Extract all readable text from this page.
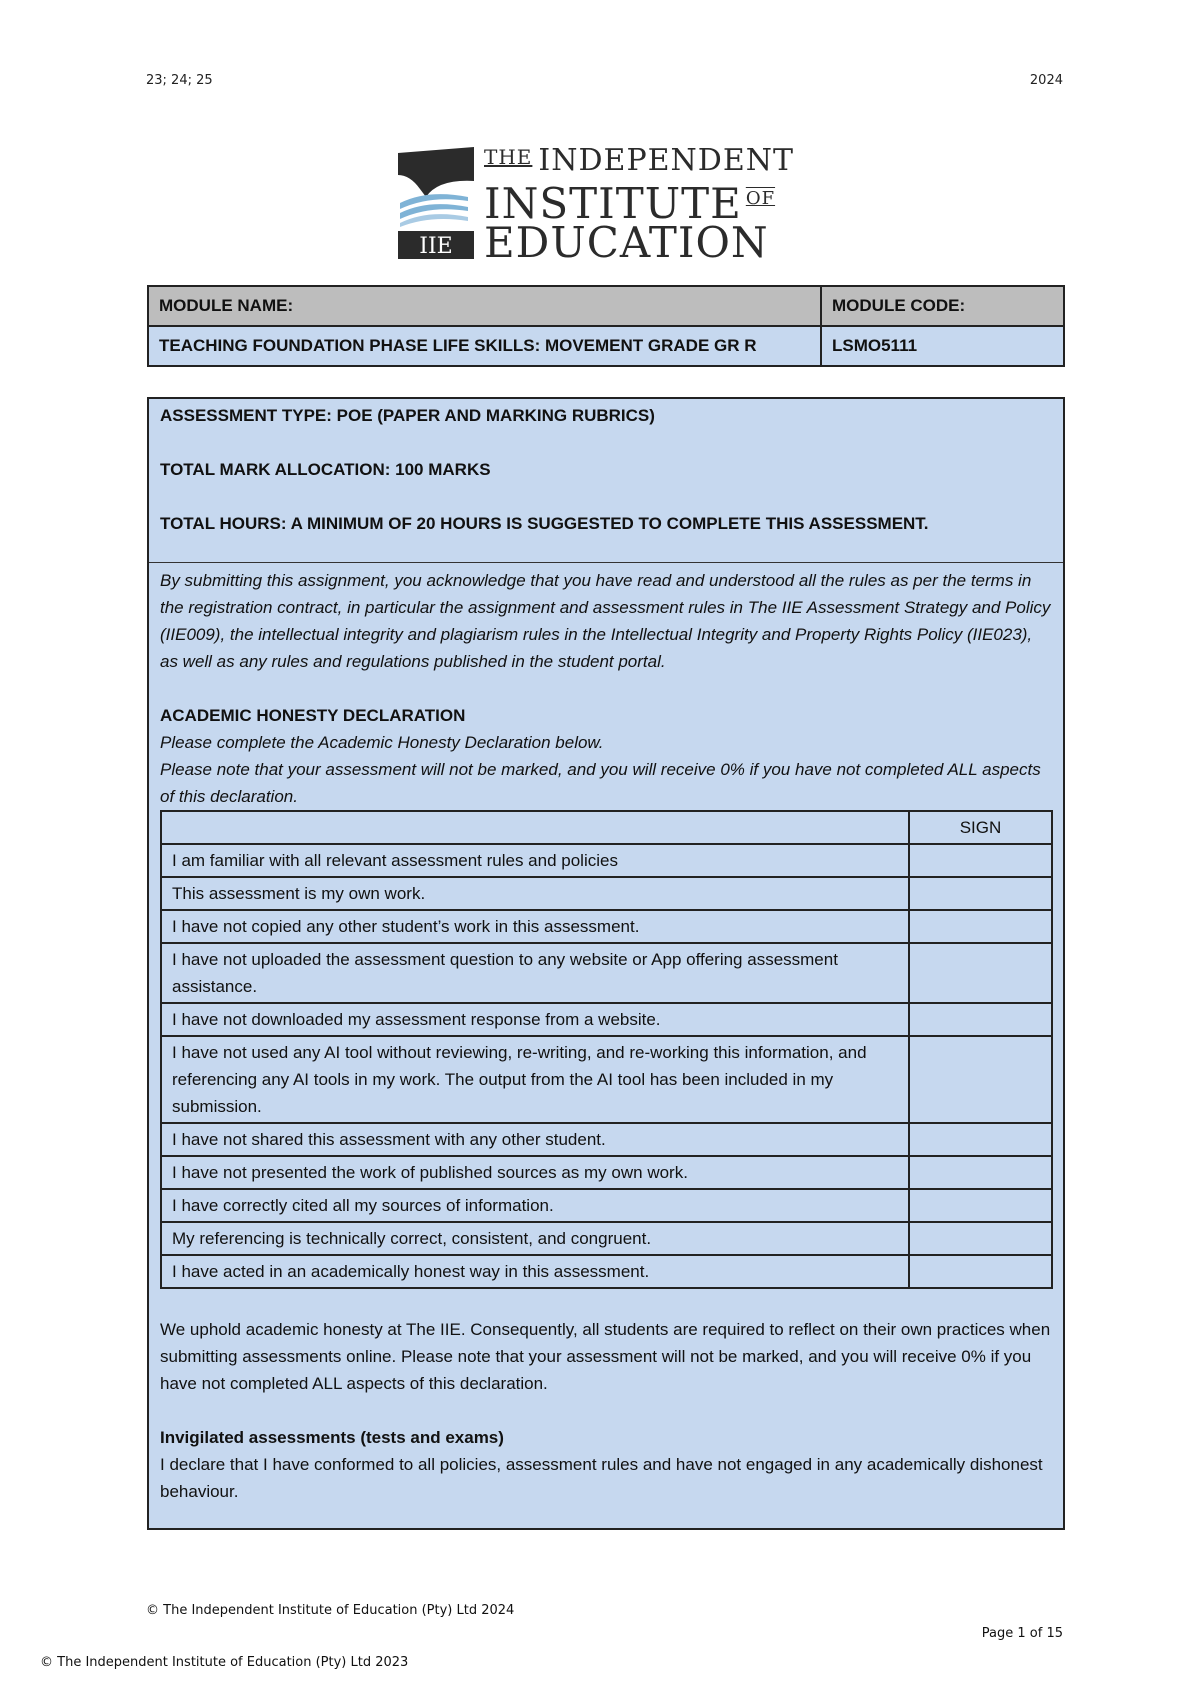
23; 24; 25	2024
IIE
$^{THE}$ INDEPENDENT
INSTITUTE $^{OF}$
EDUCATION
MODULE NAME:	MODULE CODE:
TEACHING FOUNDATION PHASE LIFE SKILLS: MOVEMENT GRADE GR R	LSMO5111
ASSESSMENT TYPE: POE (PAPER AND MARKING RUBRICS)
TOTAL MARK ALLOCATION: 100 MARKS
TOTAL HOURS: A MINIMUM OF 20 HOURS IS SUGGESTED TO COMPLETE THIS ASSESSMENT.
By submitting this assignment, you acknowledge that you have read and understood all the rules as per the terms in the registration contract, in particular the assignment and assessment rules in The IIE Assessment Strategy and Policy (IIE009), the intellectual integrity and plagiarism rules in the Intellectual Integrity and Property Rights Policy (IIE023), as well as any rules and regulations published in the student portal.
ACADEMIC HONESTY DECLARATION
Please complete the Academic Honesty Declaration below.
Please note that your assessment will not be marked, and you will receive 0% if you have not completed ALL aspects of this declaration.
	SIGN
I am familiar with all relevant assessment rules and policies	
This assessment is my own work.	
I have not copied any other student’s work in this assessment.	
I have not uploaded the assessment question to any website or App offering assessment assistance.	
I have not downloaded my assessment response from a website.	
I have not used any AI tool without reviewing, re-writing, and re-working this information, and referencing any AI tools in my work. The output from the AI tool has been included in my submission.	
I have not shared this assessment with any other student.	
I have not presented the work of published sources as my own work.	
I have correctly cited all my sources of information.	
My referencing is technically correct, consistent, and congruent.	
I have acted in an academically honest way in this assessment.	
We uphold academic honesty at The IIE. Consequently, all students are required to reflect on their own practices when submitting assessments online. Please note that your assessment will not be marked, and you will receive 0% if you have not completed ALL aspects of this declaration.
Invigilated assessments (tests and exams)
I declare that I have conformed to all policies, assessment rules and have not engaged in any academically dishonest behaviour.
© The Independent Institute of Education (Pty) Ltd 2024
Page 1 of 15
© The Independent Institute of Education (Pty) Ltd 2023
